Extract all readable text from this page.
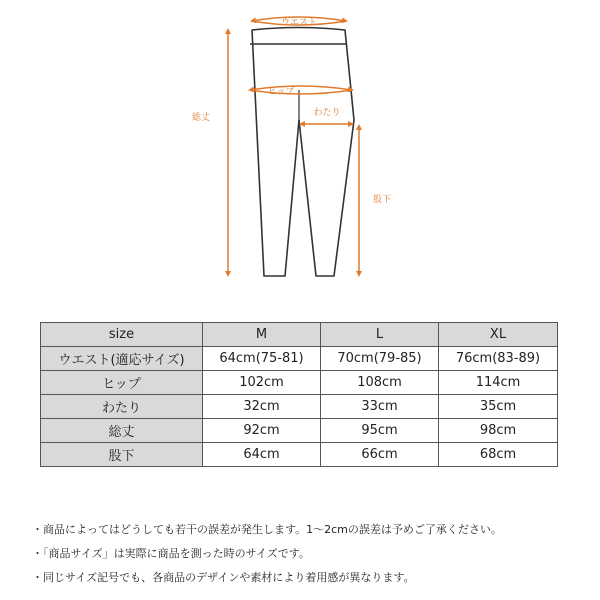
ウエスト
ヒップ
わたり
総丈
股下
size	M	L	XL
ウエスト(適応サイズ)	64cm(75-81)	70cm(79-85)	76cm(83-89)
ヒップ	102cm	108cm	114cm
わたり	32cm	33cm	35cm
総丈	92cm	95cm	98cm
股下	64cm	66cm	68cm
・商品によってはどうしても若干の誤差が発生します。1〜2cmの誤差は予めご了承ください。
・「商品サイズ」は実際に商品を測った時のサイズです。
・同じサイズ記号でも、各商品のデザインや素材により着用感が異なります。
